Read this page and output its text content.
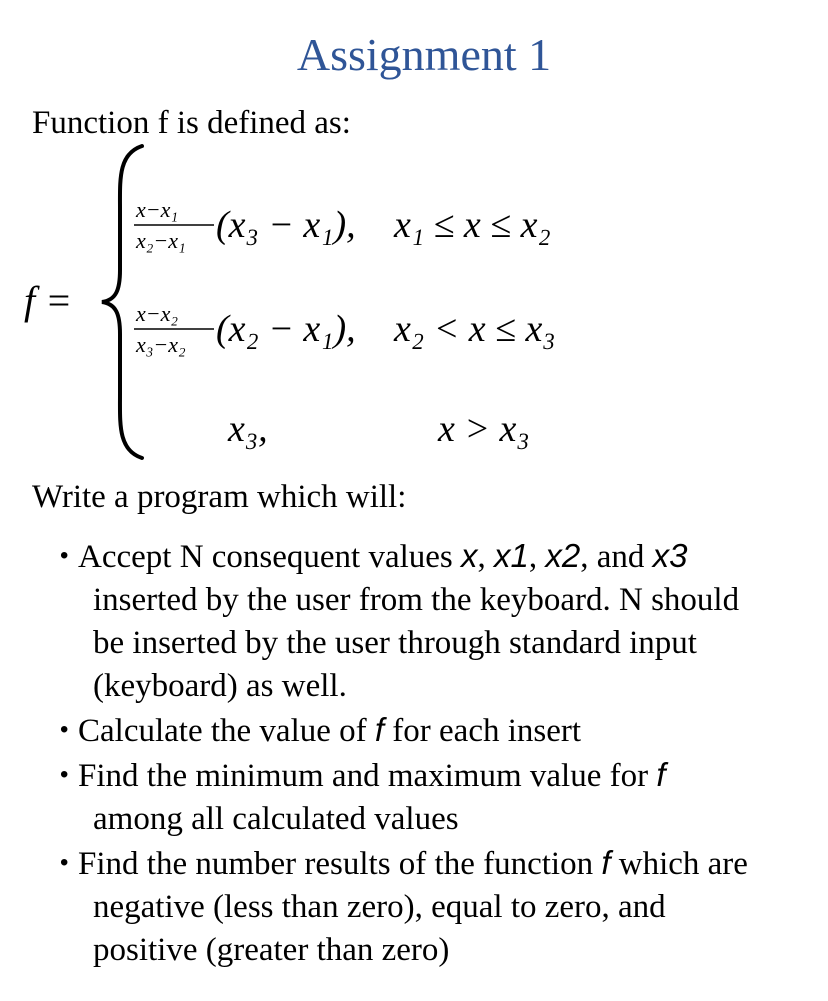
Assignment 1
Function f is defined as:
f =
x−x₁
x₂−x₁ (x₃ − x₁), x₁ ≤ x ≤ x₂
x−x₂
x₃−x₂ (x₂ − x₁), x₂ < x ≤ x₃
x₃,	x > x₃
Write a program which will:
• Accept N consequent values x, x1, x2, and x3
inserted by the user from the keyboard. N should
be inserted by the user through standard input
(keyboard) as well.
• Calculate the value of f for each insert
• Find the minimum and maximum value for f
among all calculated values
• Find the number results of the function f which are
negative (less than zero), equal to zero, and
positive (greater than zero)
